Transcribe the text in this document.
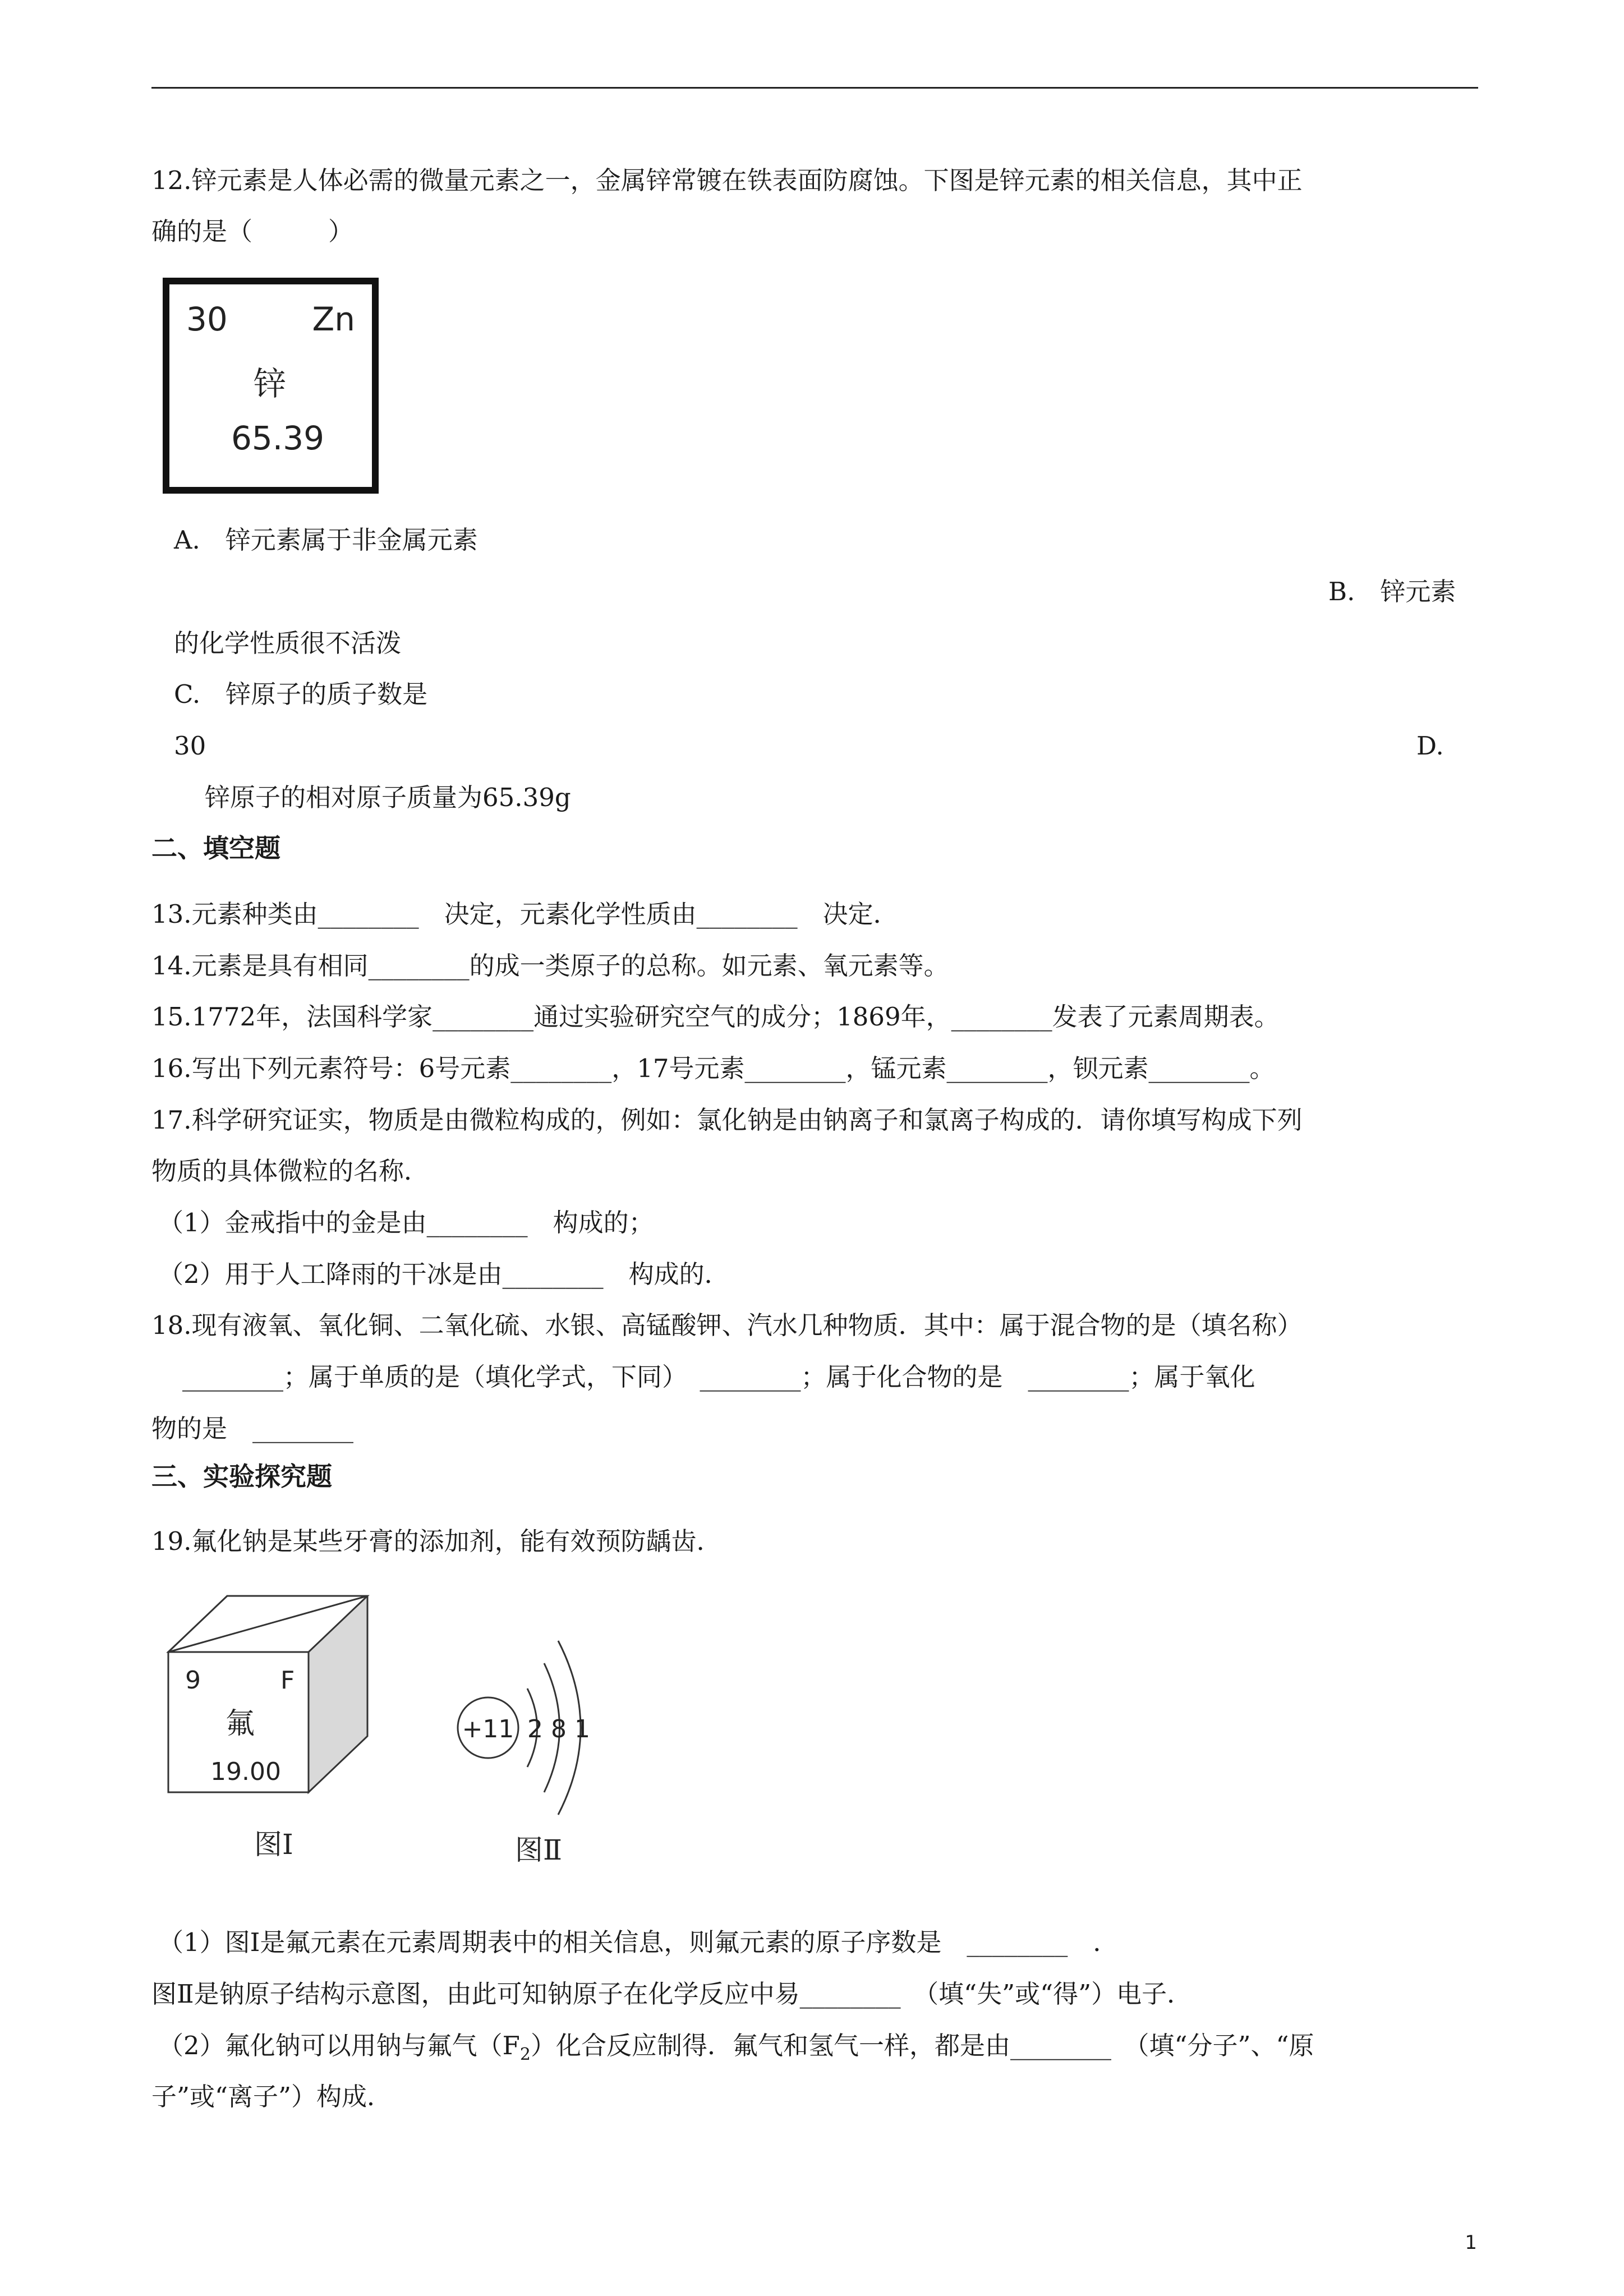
12.锌元素是人体必需的微量元素之一，金属锌常镀在铁表面防腐蚀。下图是锌元素的相关信息，其中正
确的是（　　　）
30	Zn
锌
65.39
A.　锌元素属于非金属元素
B.　锌元素
的化学性质很不活泼
C.　锌原子的质子数是
30	D.
锌原子的相对原子质量为65.39g
二、填空题
13.元素种类由________　决定，元素化学性质由________　决定．
14.元素是具有相同________的成一类原子的总称。如元素、氧元素等。
15.1772年，法国科学家________通过实验研究空气的成分；1869年，________发表了元素周期表。
16.写出下列元素符号：6号元素________，17号元素________，锰元素________，钡元素________。
17.科学研究证实，物质是由微粒构成的，例如：氯化钠是由钠离子和氯离子构成的．请你填写构成下列
物质的具体微粒的名称．
（1）金戒指中的金是由________　构成的；
（2）用于人工降雨的干冰是由________　构成的．
18.现有液氧、氧化铜、二氧化硫、水银、高锰酸钾、汽水几种物质．其中：属于混合物的是（填名称）
________；属于单质的是（填化学式，下同）　________；属于化合物的是　________；属于氧化
物的是　________
三、实验探究题
19.氟化钠是某些牙膏的添加剂，能有效预防龋齿．
9	F
氟
19.00
图Ⅰ
+11 2 8 1
图Ⅱ
（1）图Ⅰ是氟元素在元素周期表中的相关信息，则氟元素的原子序数是　________　．
图Ⅱ是钠原子结构示意图，由此可知钠原子在化学反应中易________　（填“失”或“得”）电子．
（2）氟化钠可以用钠与氟气$(F_2)$化合反应制得．氟气和氢气一样，都是由________　（填“分子”、“原
子”或“离子”）构成．
1
